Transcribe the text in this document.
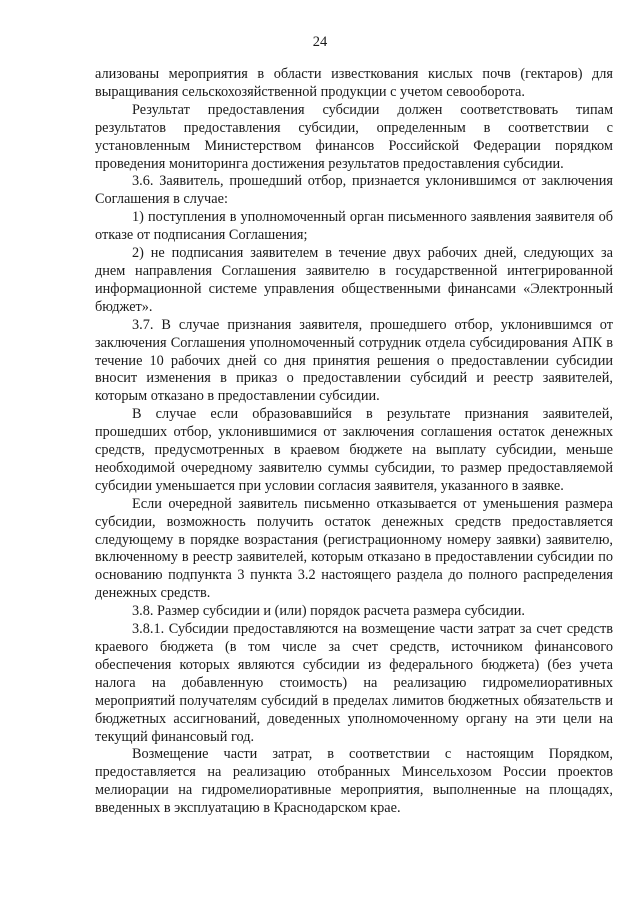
24

ализованы мероприятия в области известкования кислых почв (гектаров) для выращивания сельскохозяйственной продукции с учетом севооборота.

Результат предоставления субсидии должен соответствовать типам результатов предоставления субсидии, определенным в соответствии с установленным Министерством финансов Российской Федерации порядком проведения мониторинга достижения результатов предоставления субсидии.

3.6. Заявитель, прошедший отбор, признается уклонившимся от заключения Соглашения в случае:

1) поступления в уполномоченный орган письменного заявления заявителя об отказе от подписания Соглашения;

2) не подписания заявителем в течение двух рабочих дней, следующих за днем направления Соглашения заявителю в государственной интегрированной информационной системе управления общественными финансами «Электронный бюджет».

3.7. В случае признания заявителя, прошедшего отбор, уклонившимся от заключения Соглашения уполномоченный сотрудник отдела субсидирования АПК в течение 10 рабочих дней со дня принятия решения о предоставлении субсидии вносит изменения в приказ о предоставлении субсидий и реестр заявителей, которым отказано в предоставлении субсидии.

В случае если образовавшийся в результате признания заявителей, прошедших отбор, уклонившимися от заключения соглашения остаток денежных средств, предусмотренных в краевом бюджете на выплату субсидии, меньше необходимой очередному заявителю суммы субсидии, то размер предоставляемой субсидии уменьшается при условии согласия заявителя, указанного в заявке.

Если очередной заявитель письменно отказывается от уменьшения размера субсидии, возможность получить остаток денежных средств предоставляется следующему в порядке возрастания (регистрационному номеру заявки) заявителю, включенному в реестр заявителей, которым отказано в предоставлении субсидии по основанию подпункта 3 пункта 3.2 настоящего раздела до полного распределения денежных средств.

3.8. Размер субсидии и (или) порядок расчета размера субсидии.

3.8.1. Субсидии предоставляются на возмещение части затрат за счет средств краевого бюджета (в том числе за счет средств, источником финансового обеспечения которых являются субсидии из федерального бюджета) (без учета налога на добавленную стоимость) на реализацию гидромелиоративных мероприятий получателям субсидий в пределах лимитов бюджетных обязательств и бюджетных ассигнований, доведенных уполномоченному органу на эти цели на текущий финансовый год.

Возмещение части затрат, в соответствии с настоящим Порядком, предоставляется на реализацию отобранных Минсельхозом России проектов мелиорации на гидромелиоративные мероприятия, выполненные на площадях, введенных в эксплуатацию в Краснодарском крае.
